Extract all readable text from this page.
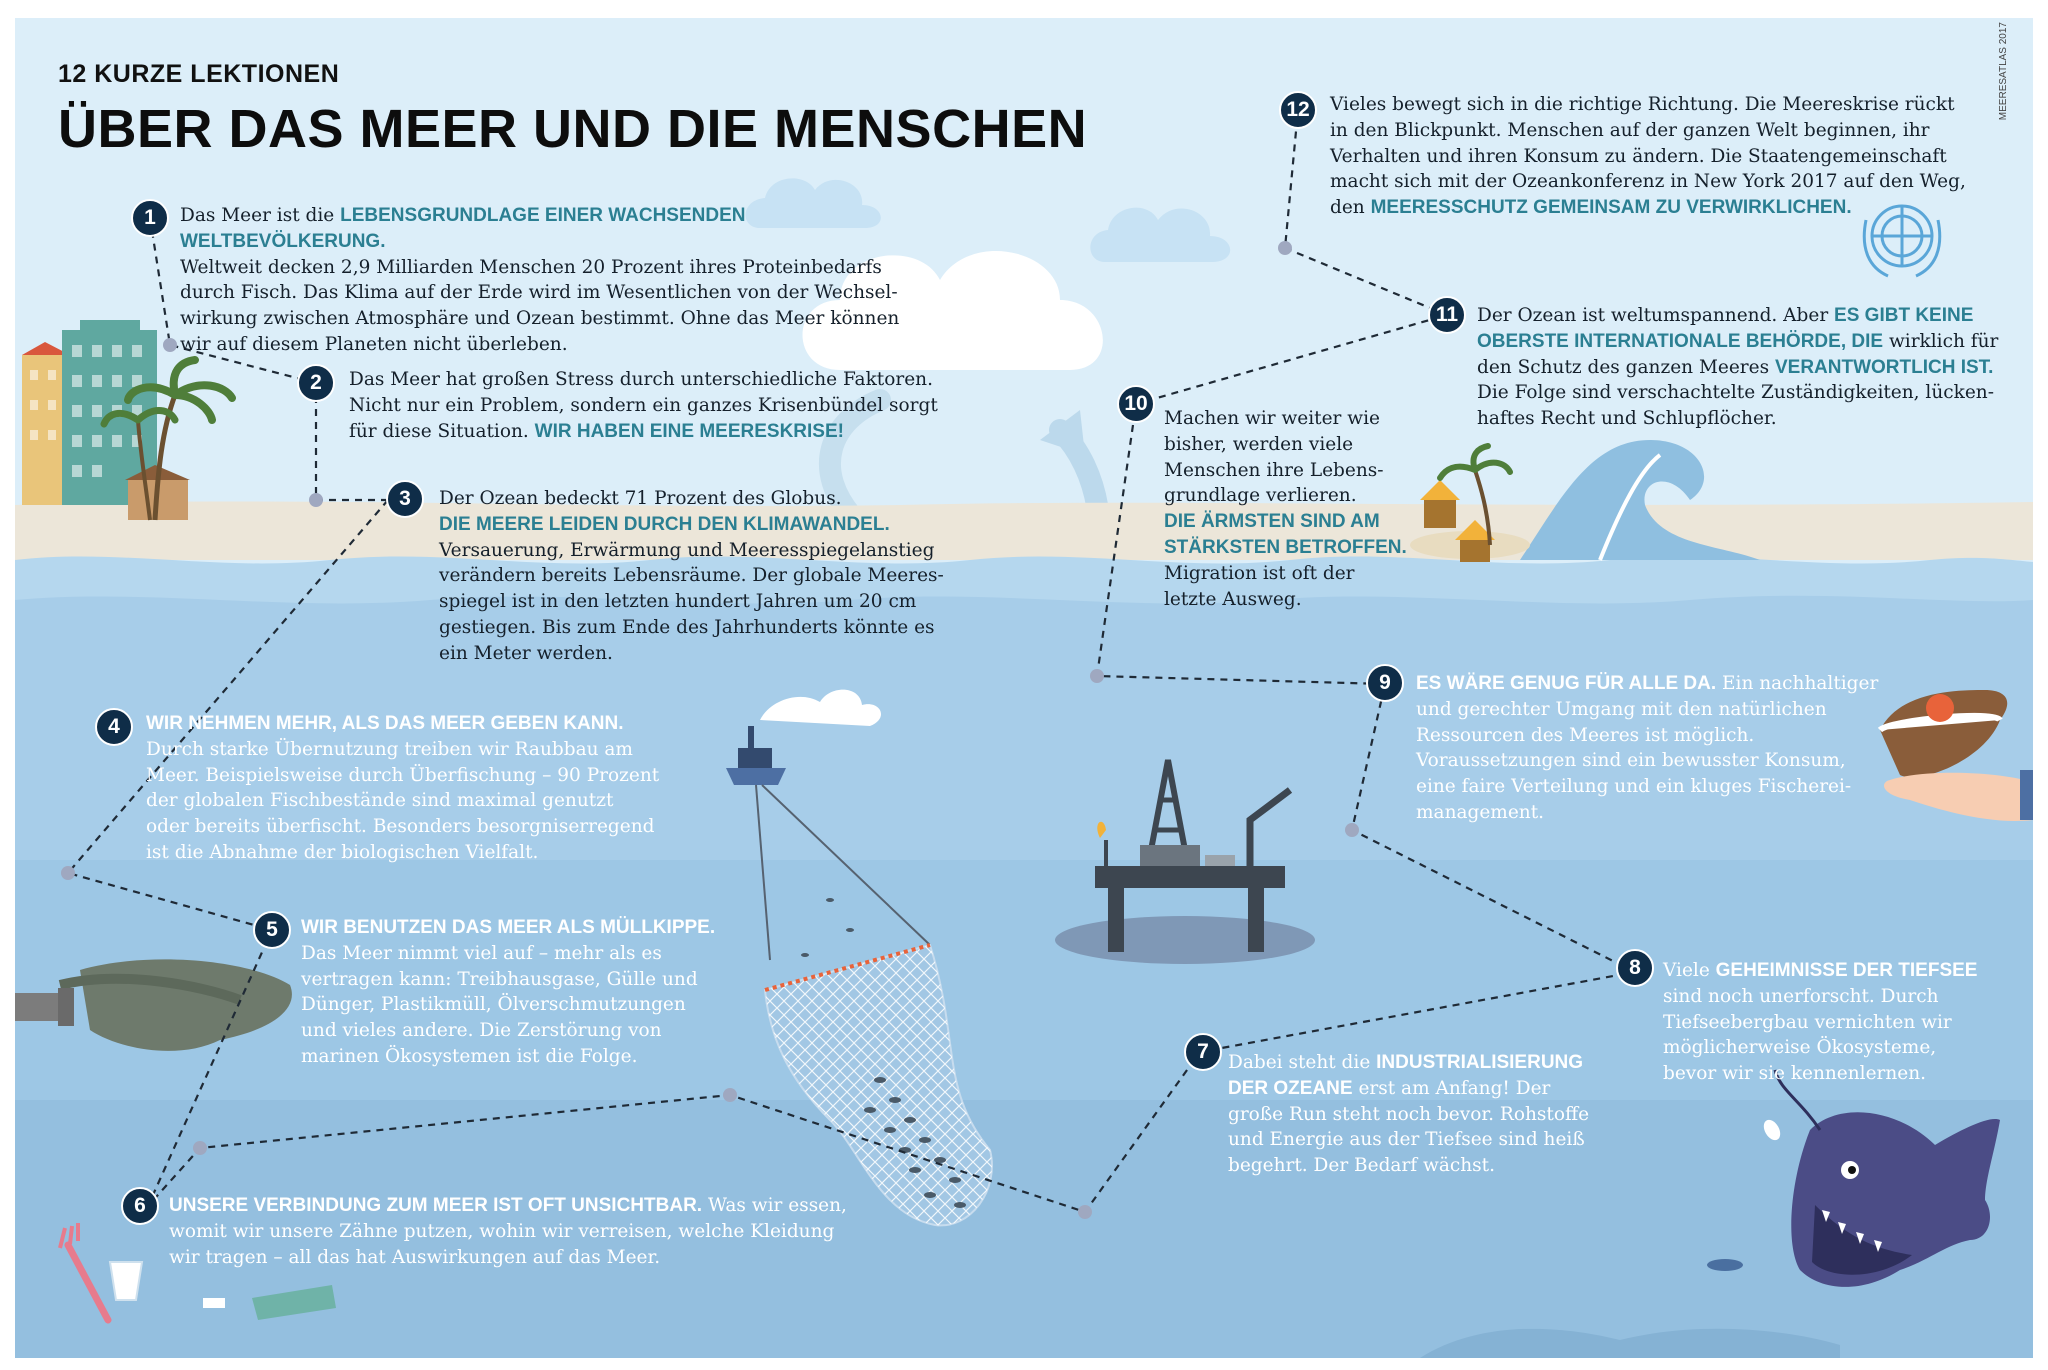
MEERESATLAS 2017
12 KURZE LEKTIONEN
ÜBER DAS MEER UND DIE MENSCHEN
1	Das Meer ist die LEBENSGRUNDLAGE EINER WACHSENDEN WELTBEVÖLKERUNG.

Weltweit decken 2,9 Milliarden Menschen 20 Prozent ihres Proteinbedarfs

durch Fisch. Das Klima auf der Erde wird im Wesentlichen von der Wechsel-

wirkung zwischen Atmosphäre und Ozean bestimmt. Ohne das Meer können

wir auf diesem Planeten nicht überleben.

2	Das Meer hat großen Stress durch unterschiedliche Faktoren.

Nicht nur ein Problem, sondern ein ganzes Krisenbündel sorgt

für diese Situation. WIR HABEN EINE MEERESKRISE!

3	Der Ozean bedeckt 71 Prozent des Globus.

DIE MEERE LEIDEN DURCH DEN KLIMAWANDEL.

Versauerung, Erwärmung und Meeresspiegelanstieg

verändern bereits Lebensräume. Der globale Meeres-

spiegel ist in den letzten hundert Jahren um 20 cm

gestiegen. Bis zum Ende des Jahrhunderts könnte es

ein Meter werden.

4	WIR NEHMEN MEHR, ALS DAS MEER GEBEN KANN.

Durch starke Übernutzung treiben wir Raubbau am

Meer. Beispielsweise durch Überfischung – 90 Prozent

der globalen Fischbestände sind maximal genutzt

oder bereits überfischt. Besonders besorgniserregend

ist die Abnahme der biologischen Vielfalt.

5	WIR BENUTZEN DAS MEER ALS MÜLLKIPPE.

Das Meer nimmt viel auf – mehr als es

vertragen kann: Treibhausgase, Gülle und

Dünger, Plastikmüll, Ölverschmutzungen

und vieles andere. Die Zerstörung von

marinen Ökosystemen ist die Folge.

6	UNSERE VERBINDUNG ZUM MEER IST OFT UNSICHTBAR. Was wir essen,

womit wir unsere Zähne putzen, wohin wir verreisen, welche Kleidung

wir tragen – all das hat Auswirkungen auf das Meer.

7	Dabei steht die INDUSTRIALISIERUNG

DER OZEANE erst am Anfang! Der

große Run steht noch bevor. Rohstoffe

und Energie aus der Tiefsee sind heiß

begehrt. Der Bedarf wächst.

8	Viele GEHEIMNISSE DER TIEFSEE

sind noch unerforscht. Durch

Tiefseebergbau vernichten wir

möglicherweise Ökosysteme,

bevor wir sie kennenlernen.

9	ES WÄRE GENUG FÜR ALLE DA. Ein nachhaltiger

und gerechter Umgang mit den natürlichen

Ressourcen des Meeres ist möglich.

Voraussetzungen sind ein bewusster Konsum,

eine faire Verteilung und ein kluges Fischerei-

management.

10

Machen wir weiter wie

bisher, werden viele

Menschen ihre Lebens-

grundlage verlieren.

DIE ÄRMSTEN SIND AM

STÄRKSTEN BETROFFEN.

Migration ist oft der

letzte Ausweg.

11	Der Ozean ist weltumspannend. Aber ES GIBT KEINE

OBERSTE INTERNATIONALE BEHÖRDE, DIE wirklich für

den Schutz des ganzen Meeres VERANTWORTLICH IST.

Die Folge sind verschachtelte Zuständigkeiten, lücken-

haftes Recht und Schlupflöcher.

12	Vieles bewegt sich in die richtige Richtung. Die Meereskrise rückt

in den Blickpunkt. Menschen auf der ganzen Welt beginnen, ihr

Verhalten und ihren Konsum zu ändern. Die Staatengemeinschaft

macht sich mit der Ozeankonferenz in New York 2017 auf den Weg,

den MEERESSCHUTZ GEMEINSAM ZU VERWIRKLICHEN.
